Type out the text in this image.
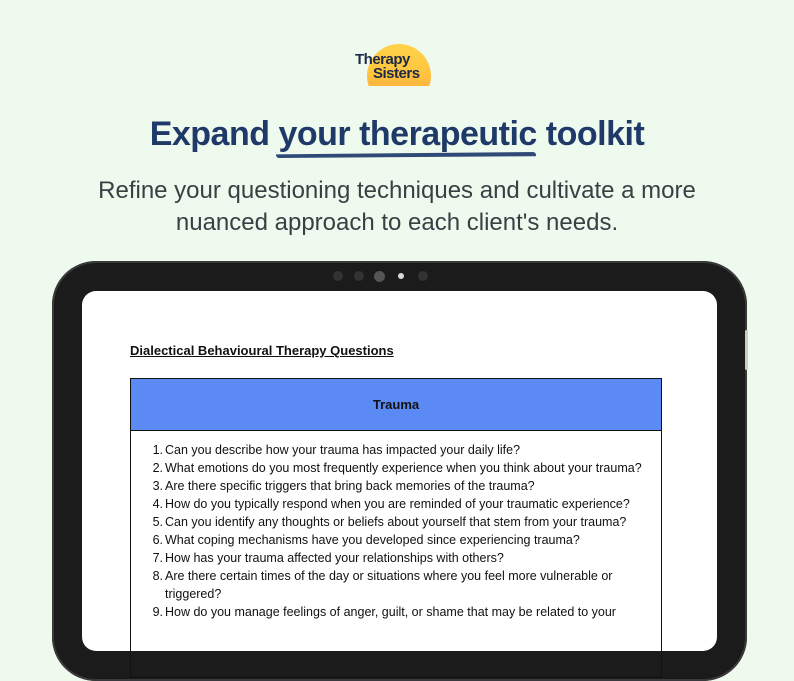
Therapy
Sisters
Expand your therapeutic toolkit

Refine your questioning techniques and cultivate a more nuanced approach to each client's needs.

Dialectical Behavioural Therapy Questions

Trauma
1. Can you describe how your trauma has impacted your daily life?
2. What emotions do you most frequently experience when you think about your trauma?
3. Are there specific triggers that bring back memories of the trauma?
4. How do you typically respond when you are reminded of your traumatic experience?
5. Can you identify any thoughts or beliefs about yourself that stem from your trauma?
6. What coping mechanisms have you developed since experiencing trauma?
7. How has your trauma affected your relationships with others?
8. Are there certain times of the day or situations where you feel more vulnerable or triggered?
9. How do you manage feelings of anger, guilt, or shame that may be related to your
